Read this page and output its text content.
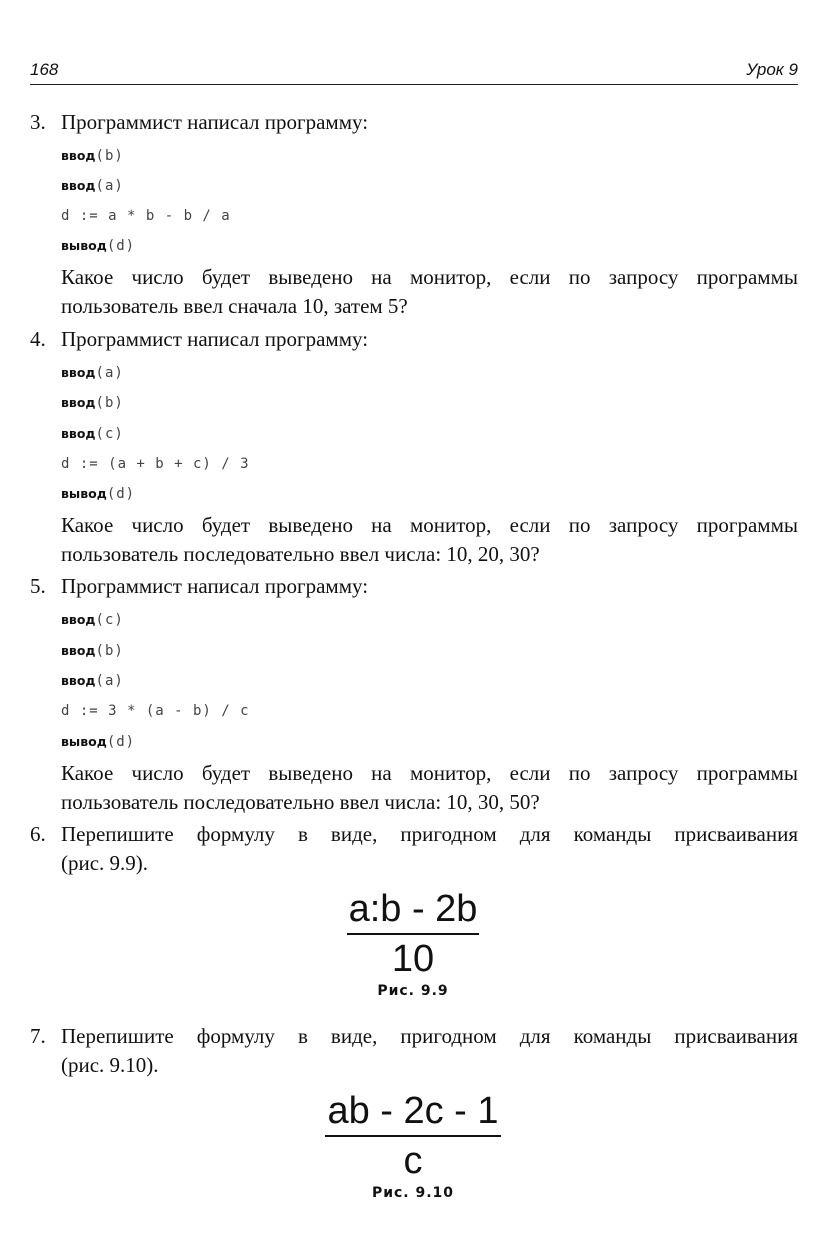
168	Урок 9
3. Программист написал программу:
ввод(b)
ввод(a)
d := a * b - b / a
вывод(d)
Какое число будет выведено на монитор, если по запросу программы
пользователь ввел сначала 10, затем 5?
4. Программист написал программу:
ввод(a)
ввод(b)
ввод(c)
d := (a + b + c) / 3
вывод(d)
Какое число будет выведено на монитор, если по запросу программы
пользователь последовательно ввел числа: 10, 20, 30?
5. Программист написал программу:
ввод(c)
ввод(b)
ввод(a)
d := 3 * (a - b) / c
вывод(d)
Какое число будет выведено на монитор, если по запросу программы
пользователь последовательно ввел числа: 10, 30, 50?
6. Перепишите формулу в виде, пригодном для команды присваивания
(рис. 9.9).
$\frac{a:b - 2b}{10}$
Рис. 9.9
7. Перепишите формулу в виде, пригодном для команды присваивания
(рис. 9.10).
$\frac{ab - 2c - 1}{c}$
Рис. 9.10
